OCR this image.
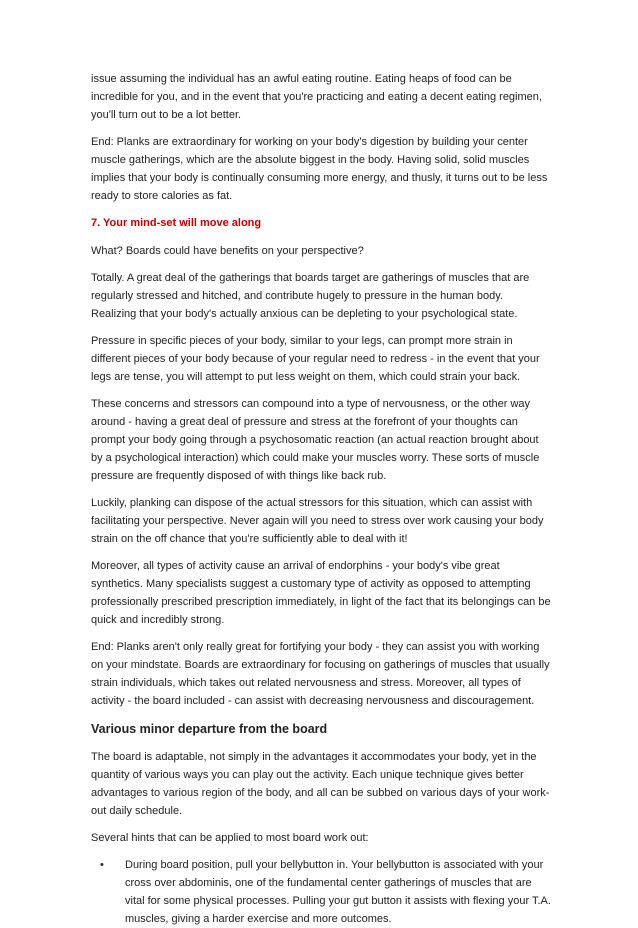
issue assuming the individual has an awful eating routine. Eating heaps of food can be incredible for you, and in the event that you're practicing and eating a decent eating regimen, you'll turn out to be a lot better.

End: Planks are extraordinary for working on your body's digestion by building your center muscle gatherings, which are the absolute biggest in the body. Having solid, solid muscles implies that your body is continually consuming more energy, and thusly, it turns out to be less ready to store calories as fat.

7. Your mind-set will move along

What? Boards could have benefits on your perspective?

Totally. A great deal of the gatherings that boards target are gatherings of muscles that are regularly stressed and hitched, and contribute hugely to pressure in the human body. Realizing that your body's actually anxious can be depleting to your psychological state.

Pressure in specific pieces of your body, similar to your legs, can prompt more strain in different pieces of your body because of your regular need to redress - in the event that your legs are tense, you will attempt to put less weight on them, which could strain your back.

These concerns and stressors can compound into a type of nervousness, or the other way around - having a great deal of pressure and stress at the forefront of your thoughts can prompt your body going through a psychosomatic reaction (an actual reaction brought about by a psychological interaction) which could make your muscles worry. These sorts of muscle pressure are frequently disposed of with things like back rub.

Luckily, planking can dispose of the actual stressors for this situation, which can assist with facilitating your perspective. Never again will you need to stress over work causing your body strain on the off chance that you're sufficiently able to deal with it!

Moreover, all types of activity cause an arrival of endorphins - your body's vibe great synthetics. Many specialists suggest a customary type of activity as opposed to attempting professionally prescribed prescription immediately, in light of the fact that its belongings can be quick and incredibly strong.

End: Planks aren't only really great for fortifying your body - they can assist you with working on your mindstate. Boards are extraordinary for focusing on gatherings of muscles that usually strain individuals, which takes out related nervousness and stress. Moreover, all types of activity - the board included - can assist with decreasing nervousness and discouragement.

Various minor departure from the board

The board is adaptable, not simply in the advantages it accommodates your body, yet in the quantity of various ways you can play out the activity. Each unique technique gives better advantages to various region of the body, and all can be subbed on various days of your work-out daily schedule.

Several hints that can be applied to most board work out:

• During board position, pull your bellybutton in. Your bellybutton is associated with your cross over abdominis, one of the fundamental center gatherings of muscles that are vital for some physical processes. Pulling your gut button it assists with flexing your T.A. muscles, giving a harder exercise and more outcomes.
